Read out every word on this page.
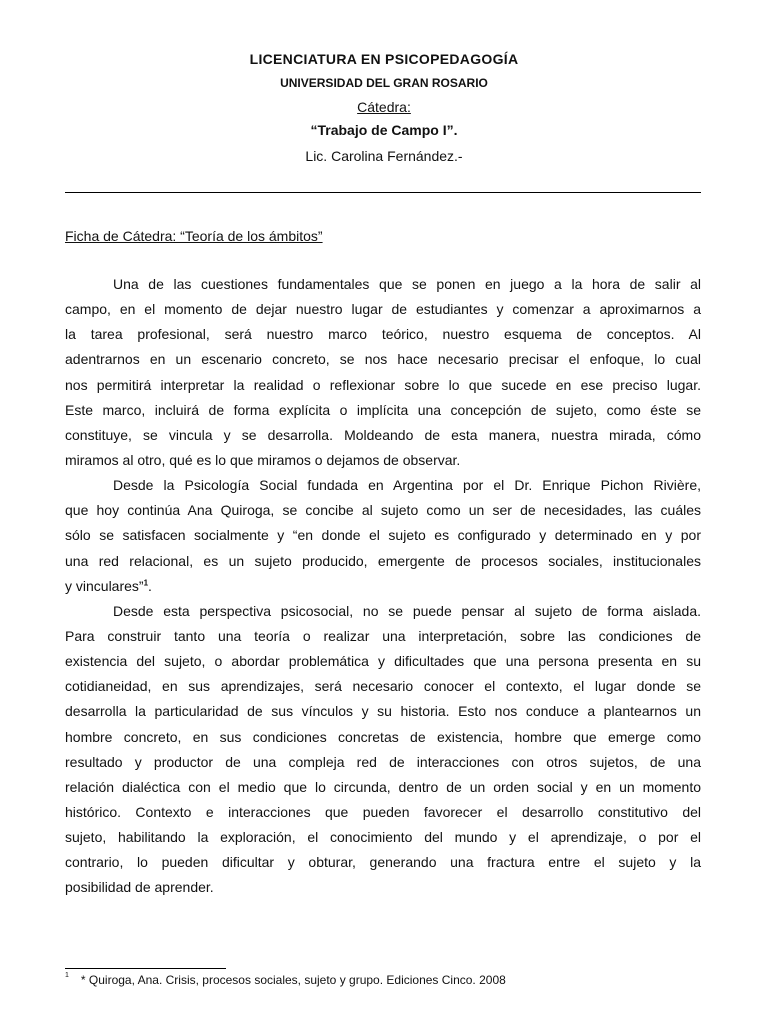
LICENCIATURA EN PSICOPEDAGOGÍA
UNIVERSIDAD DEL GRAN ROSARIO
Cátedra:
“Trabajo de Campo I”.
Lic. Carolina Fernández.-
Ficha de Cátedra: “Teoría de los ámbitos”
Una de las cuestiones fundamentales que se ponen en juego a la hora de salir al
campo, en el momento de dejar nuestro lugar de estudiantes y comenzar a aproximarnos a
la tarea profesional, será nuestro marco teórico, nuestro esquema de conceptos. Al
adentrarnos en un escenario concreto, se nos hace necesario precisar el enfoque, lo cual
nos permitirá interpretar la realidad o reflexionar sobre lo que sucede en ese preciso lugar.
Este marco, incluirá de forma explícita o implícita una concepción de sujeto, como éste se
constituye, se vincula y se desarrolla. Moldeando de esta manera, nuestra mirada, cómo
miramos al otro, qué es lo que miramos o dejamos de observar.
Desde la Psicología Social fundada en Argentina por el Dr. Enrique Pichon Rivière,
que hoy continúa Ana Quiroga, se concibe al sujeto como un ser de necesidades, las cuáles
sólo se satisfacen socialmente y “en donde el sujeto es configurado y determinado en y por
una red relacional, es un sujeto producido, emergente de procesos sociales, institucionales
y vinculares”$^1$.
Desde esta perspectiva psicosocial, no se puede pensar al sujeto de forma aislada.
Para construir tanto una teoría o realizar una interpretación, sobre las condiciones de
existencia del sujeto, o abordar problemática y dificultades que una persona presenta en su
cotidianeidad, en sus aprendizajes, será necesario conocer el contexto, el lugar donde se
desarrolla la particularidad de sus vínculos y su historia. Esto nos conduce a plantearnos un
hombre concreto, en sus condiciones concretas de existencia, hombre que emerge como
resultado y productor de una compleja red de interacciones con otros sujetos, de una
relación dialéctica con el medio que lo circunda, dentro de un orden social y en un momento
histórico. Contexto e interacciones que pueden favorecer el desarrollo constitutivo del
sujeto, habilitando la exploración, el conocimiento del mundo y el aprendizaje, o por el
contrario, lo pueden dificultar y obturar, generando una fractura entre el sujeto y la
posibilidad de aprender.
$^1$ * Quiroga, Ana. Crisis, procesos sociales, sujeto y grupo. Ediciones Cinco. 2008
